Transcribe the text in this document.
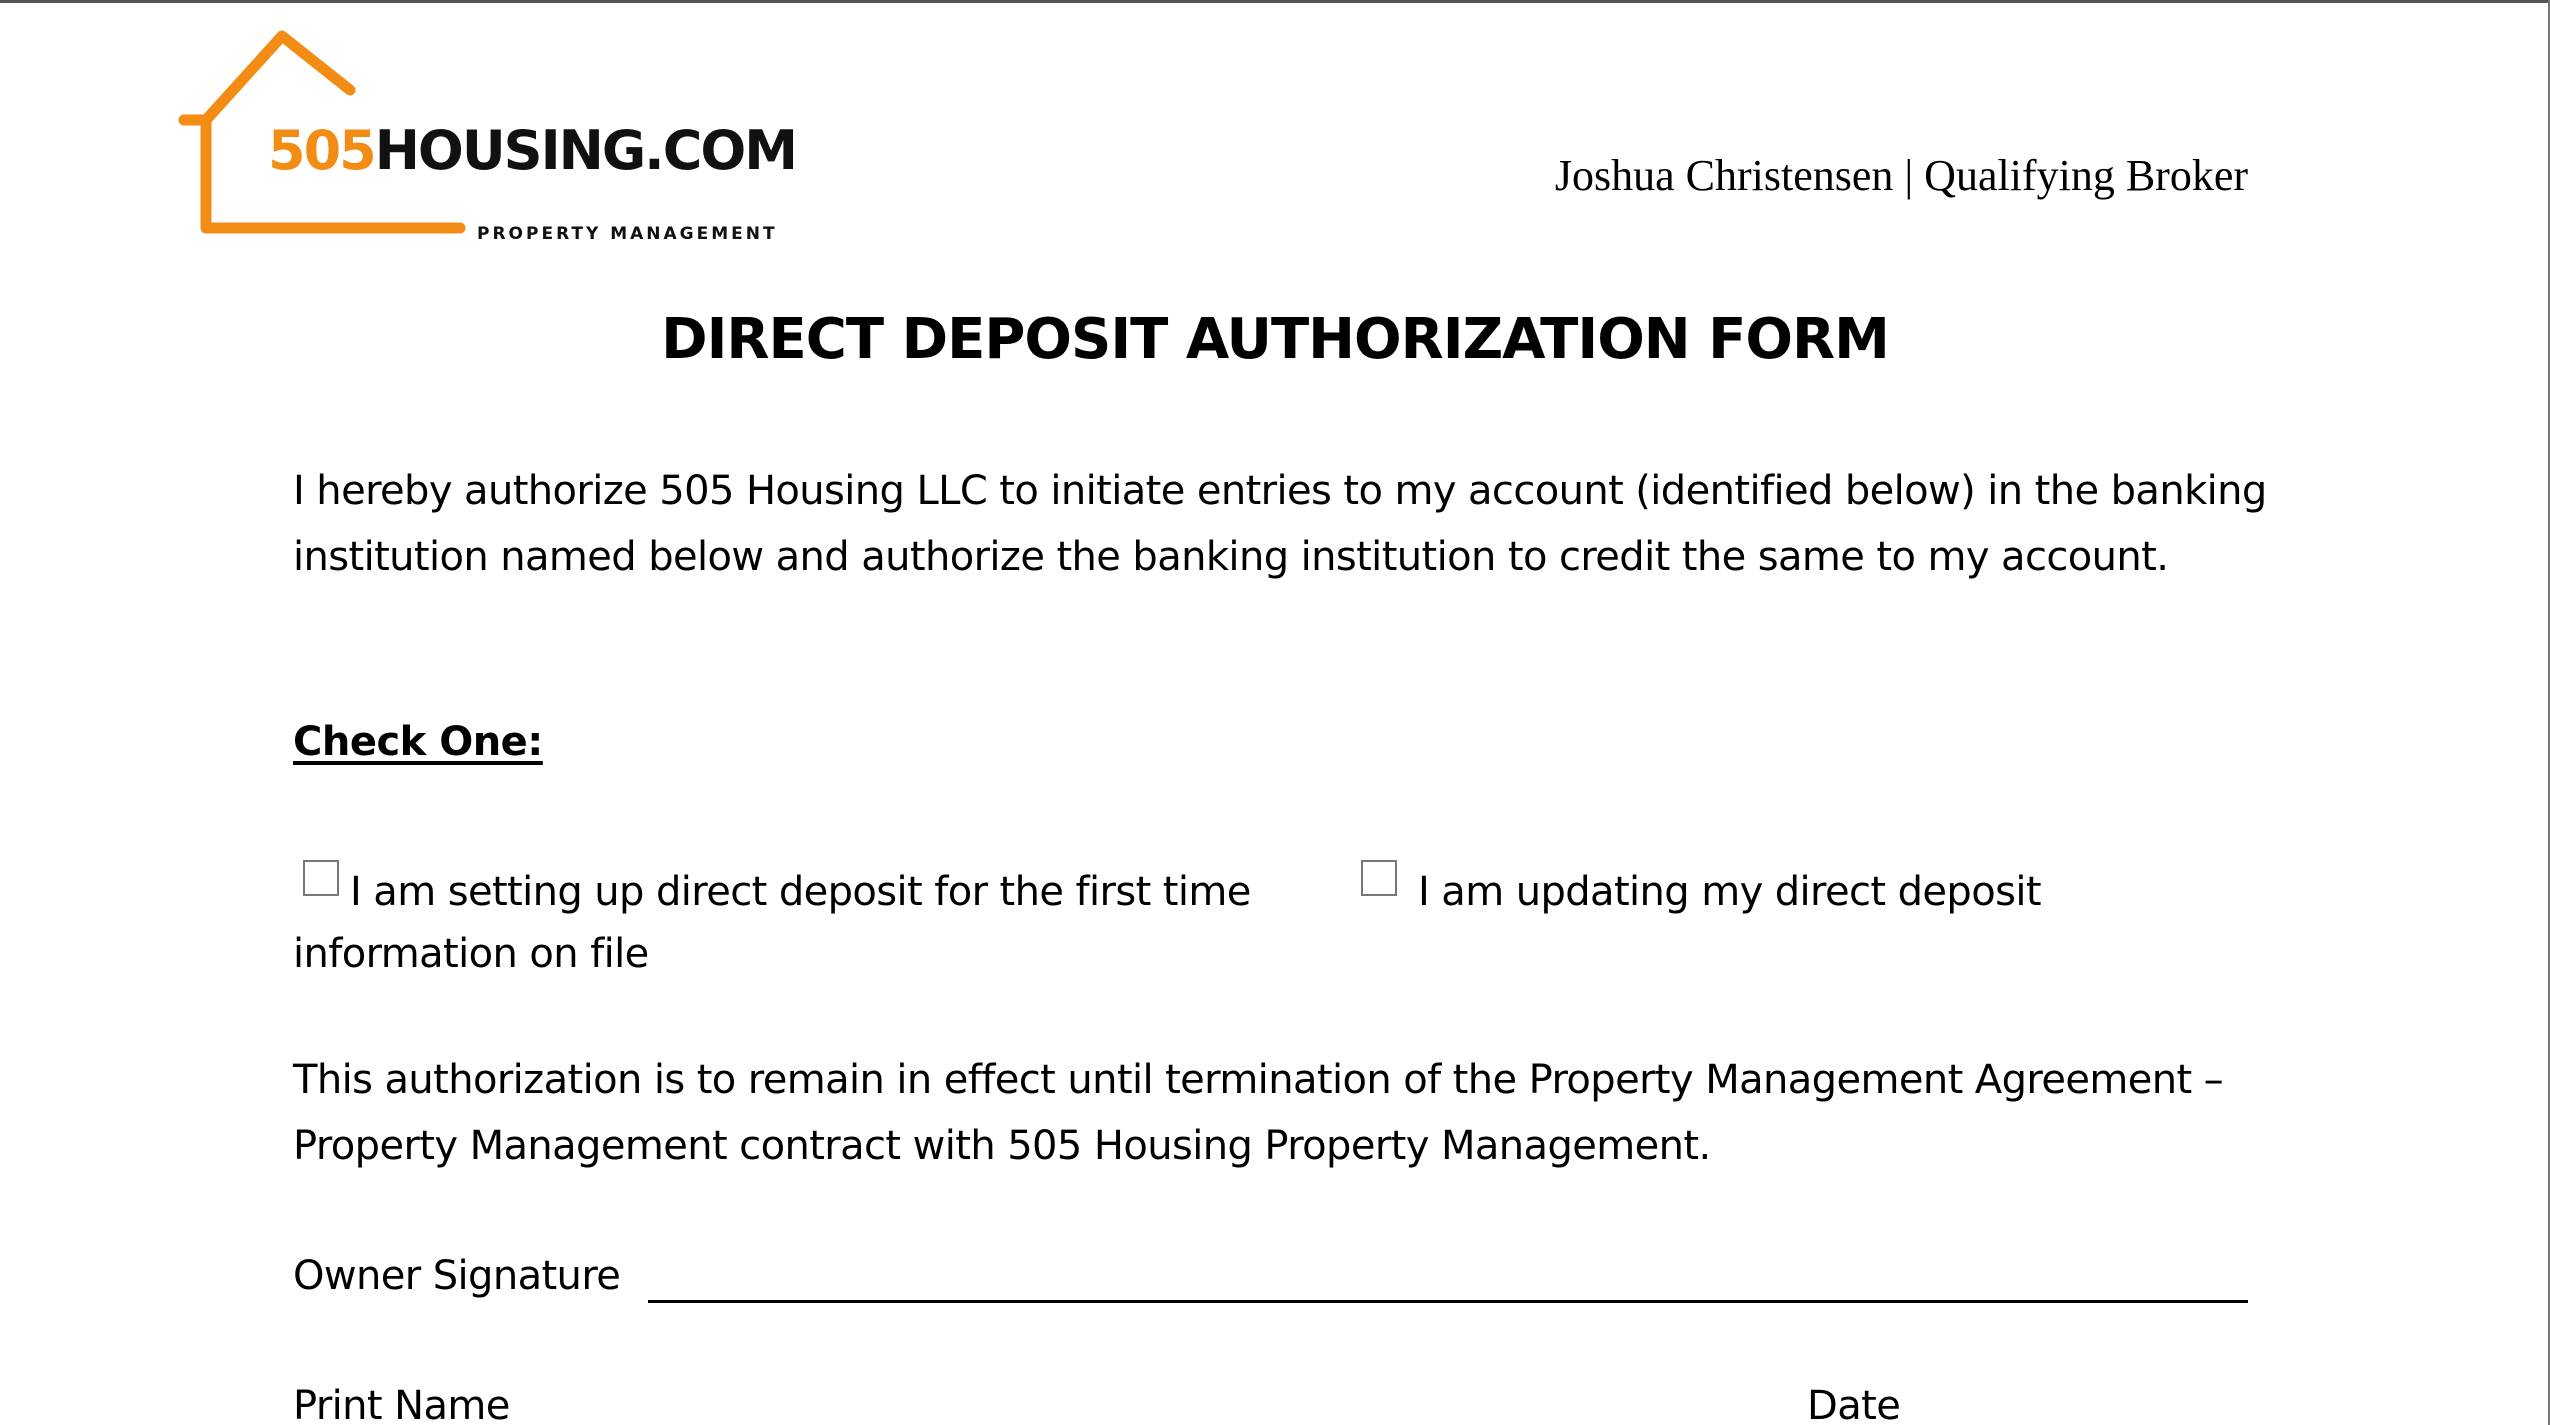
505HOUSING.COM
PROPERTY MANAGEMENT
Joshua Christensen | Qualifying Broker
DIRECT DEPOSIT AUTHORIZATION FORM

I hereby authorize 505 Housing LLC to initiate entries to my account (identified below) in the banking institution named below and authorize the banking institution to credit the same to my account.

Check One:
I am setting up direct deposit for the first time	I am updating my direct deposit
information on file

This authorization is to remain in effect until termination of the Property Management Agreement – Property Management contract with 505 Housing Property Management.

Owner Signature
Print Name	Date
